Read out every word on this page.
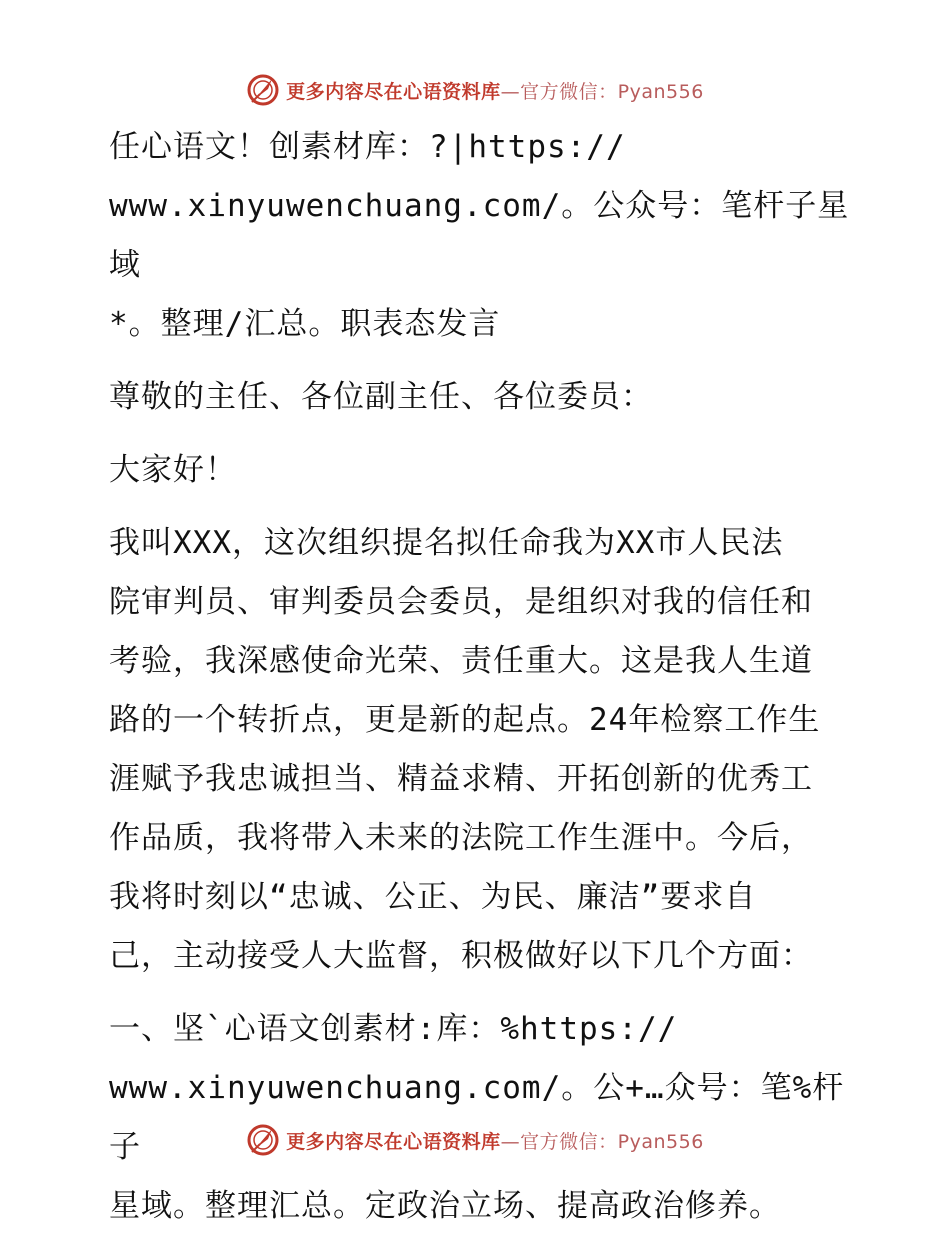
更多内容尽在心语资料库—官方微信：Pyan556

任心语文！创素材库：?|https://
www.xinyuwenchuang.com/。公众号：笔杆子星域
*。整理/汇总。职表态发言

尊敬的主任、各位副主任、各位委员：

大家好！

我叫XXX，这次组织提名拟任命我为XX市人民法
院审判员、审判委员会委员，是组织对我的信任和
考验，我深感使命光荣、责任重大。这是我人生道
路的一个转折点，更是新的起点。24年检察工作生
涯赋予我忠诚担当、精益求精、开拓创新的优秀工
作品质，我将带入未来的法院工作生涯中。今后，
我将时刻以“忠诚、公正、为民、廉洁”要求自
己，主动接受人大监督，积极做好以下几个方面：

一、坚`心语文创素材:库：%https://
www.xinyuwenchuang.com/。公+…众号：笔%杆子
星域。整理汇总。定政治立场、提高政治修养。

更多内容尽在心语资料库—官方微信：Pyan556
